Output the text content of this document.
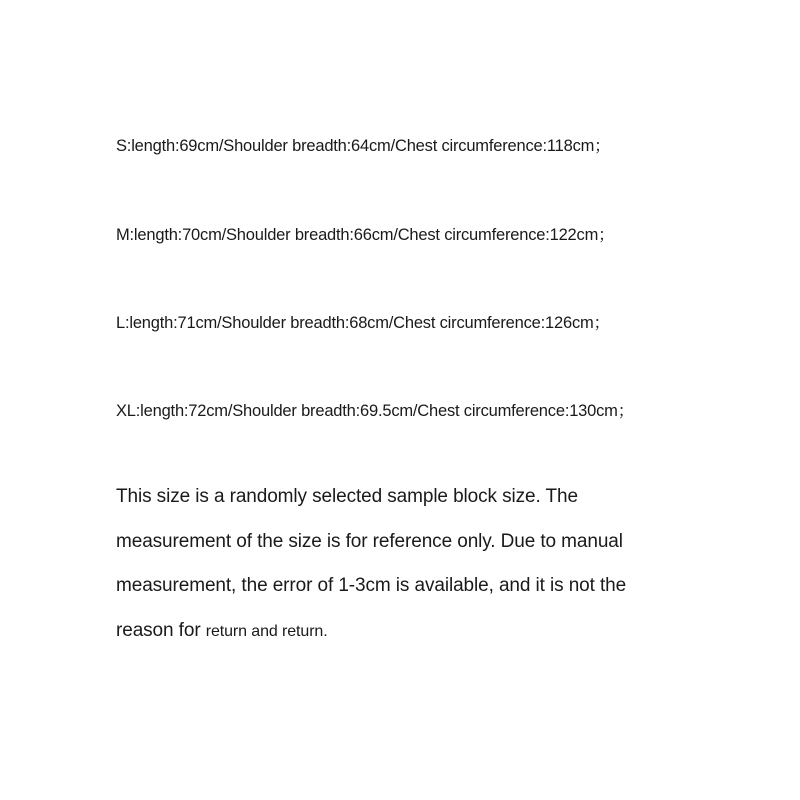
S:length:69cm/Shoulder breadth:64cm/Chest circumference:118cm；
M:length:70cm/Shoulder breadth:66cm/Chest circumference:122cm；
L:length:71cm/Shoulder breadth:68cm/Chest circumference:126cm；
XL:length:72cm/Shoulder breadth:69.5cm/Chest circumference:130cm；
This size is a randomly selected sample block size. The
measurement of the size is for reference only. Due to manual
measurement, the error of 1-3cm is available, and it is not the
reason for return and return.
